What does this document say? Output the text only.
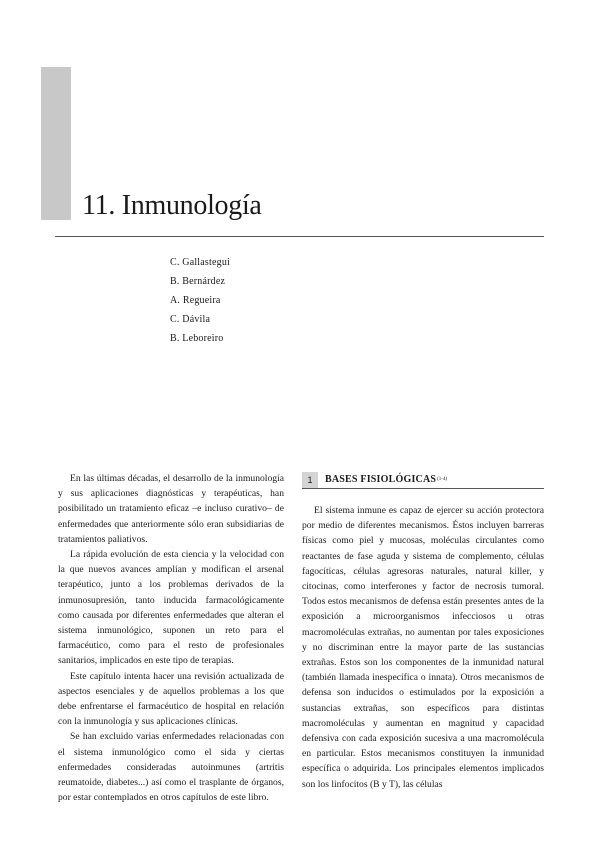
11. Inmunología
C. Gallastegui
B. Bernárdez
A. Regueira
C. Dávila
B. Leboreiro

En las últimas décadas, el desarrollo de la inmunología y sus aplicaciones diagnósticas y terapéuticas, han posibilitado un tratamiento eficaz –e incluso curativo– de enfermedades que anteriormente sólo eran subsidiarias de tratamientos paliativos.

La rápida evolución de esta ciencia y la velocidad con la que nuevos avances amplían y modifican el arsenal terapéutico, junto a los problemas derivados de la inmunosupresión, tanto inducida farmacológicamente como causada por diferentes enfermedades que alteran el sistema inmunológico, suponen un reto para el farmacéutico, como para el resto de profesionales sanitarios, implicados en este tipo de terapias.

Este capítulo intenta hacer una revisión actualizada de aspectos esenciales y de aquellos problemas a los que debe enfrentarse el farmacéutico de hospital en relación con la inmunología y sus aplicaciones clínicas.

Se han excluido varias enfermedades relacionadas con el sistema inmunológico como el sida y ciertas enfermedades consideradas autoinmunes (artritis reumatoide, diabetes...) así como el trasplante de órganos, por estar contemplados en otros capítulos de este libro.

1	BASES FISIOLÓGICAS (1-4)

El sistema inmune es capaz de ejercer su acción protectora por medio de diferentes mecanismos. Éstos incluyen barreras físicas como piel y mucosas, moléculas circulantes como reactantes de fase aguda y sistema de complemento, células fagocíticas, células agresoras naturales, natural killer, y citocinas, como interferones y factor de necrosis tumoral. Todos estos mecanismos de defensa están presentes antes de la exposición a microorganismos infecciosos u otras macromoléculas extrañas, no aumentan por tales exposiciones y no discriminan entre la mayor parte de las sustancias extrañas. Estos son los componentes de la inmunidad natural (también llamada inespecífica o innata). Otros mecanismos de defensa son inducidos o estimulados por la exposición a sustancias extrañas, son específicos para distintas macromoléculas y aumentan en magnitud y capacidad defensiva con cada exposición sucesiva a una macromolécula en particular. Estos mecanismos constituyen la inmunidad específica o adquirida. Los principales elementos implicados son los linfocitos (B y T), las células
